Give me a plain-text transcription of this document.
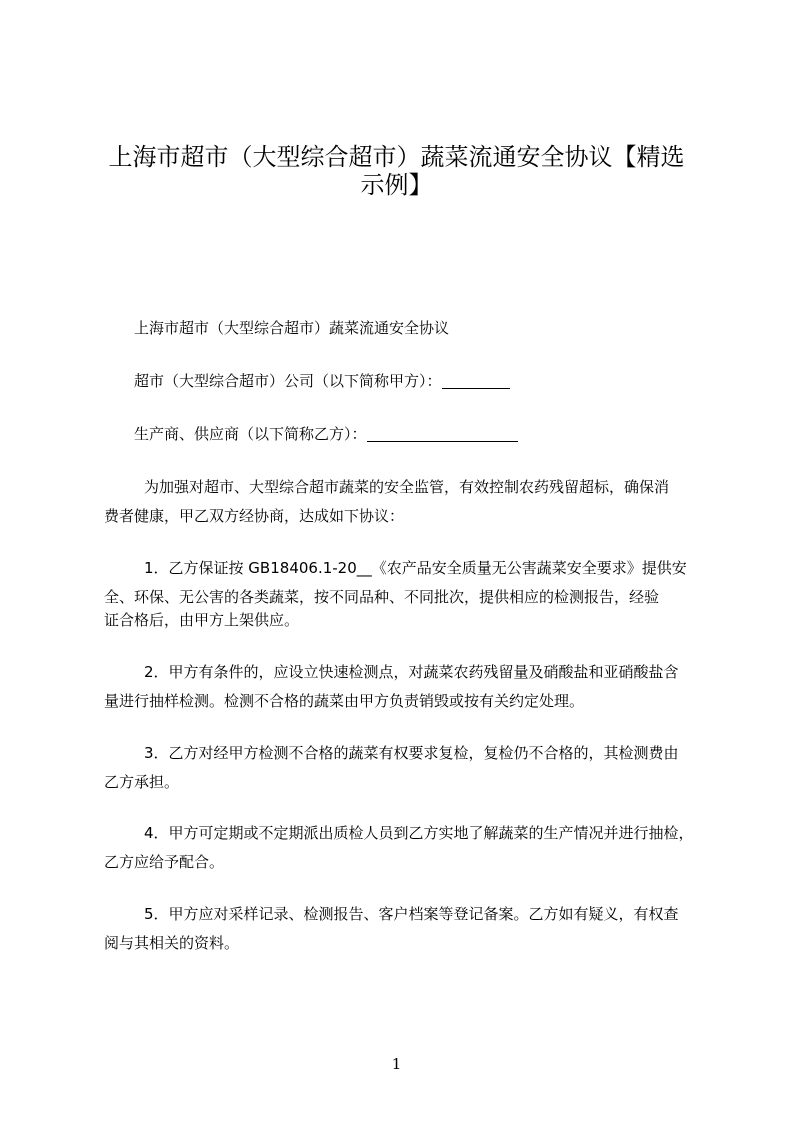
上海市超市（大型综合超市）蔬菜流通安全协议【精选
示例】

上海市超市（大型综合超市）蔬菜流通安全协议

超市（大型综合超市）公司（以下简称甲方）：

生产商、供应商（以下简称乙方）：

为加强对超市、大型综合超市蔬菜的安全监管，有效控制农药残留超标，确保消

费者健康，甲乙双方经协商，达成如下协议：

1．乙方保证按 GB18406.1-20__《农产品安全质量无公害蔬菜安全要求》提供安

全、环保、无公害的各类蔬菜，按不同品种、不同批次，提供相应的检测报告，经验

证合格后，由甲方上架供应。

2．甲方有条件的，应设立快速检测点，对蔬菜农药残留量及硝酸盐和亚硝酸盐含

量进行抽样检测。检测不合格的蔬菜由甲方负责销毁或按有关约定处理。

3．乙方对经甲方检测不合格的蔬菜有权要求复检，复检仍不合格的，其检测费由

乙方承担。

4．甲方可定期或不定期派出质检人员到乙方实地了解蔬菜的生产情况并进行抽检，

乙方应给予配合。

5．甲方应对采样记录、检测报告、客户档案等登记备案。乙方如有疑义，有权查

阅与其相关的资料。

1
